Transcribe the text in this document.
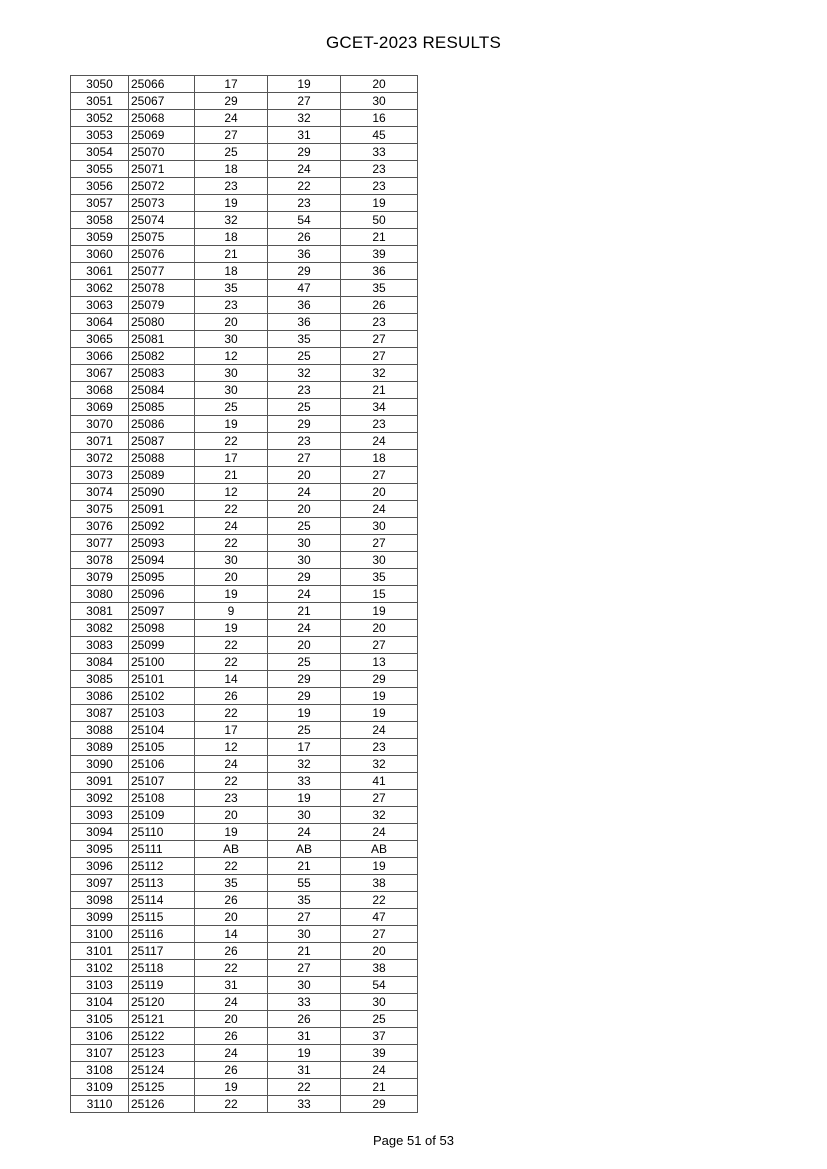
GCET-2023 RESULTS
3050	25066	17	19	20
3051	25067	29	27	30
3052	25068	24	32	16
3053	25069	27	31	45
3054	25070	25	29	33
3055	25071	18	24	23
3056	25072	23	22	23
3057	25073	19	23	19
3058	25074	32	54	50
3059	25075	18	26	21
3060	25076	21	36	39
3061	25077	18	29	36
3062	25078	35	47	35
3063	25079	23	36	26
3064	25080	20	36	23
3065	25081	30	35	27
3066	25082	12	25	27
3067	25083	30	32	32
3068	25084	30	23	21
3069	25085	25	25	34
3070	25086	19	29	23
3071	25087	22	23	24
3072	25088	17	27	18
3073	25089	21	20	27
3074	25090	12	24	20
3075	25091	22	20	24
3076	25092	24	25	30
3077	25093	22	30	27
3078	25094	30	30	30
3079	25095	20	29	35
3080	25096	19	24	15
3081	25097	9	21	19
3082	25098	19	24	20
3083	25099	22	20	27
3084	25100	22	25	13
3085	25101	14	29	29
3086	25102	26	29	19
3087	25103	22	19	19
3088	25104	17	25	24
3089	25105	12	17	23
3090	25106	24	32	32
3091	25107	22	33	41
3092	25108	23	19	27
3093	25109	20	30	32
3094	25110	19	24	24
3095	25111	AB	AB	AB
3096	25112	22	21	19
3097	25113	35	55	38
3098	25114	26	35	22
3099	25115	20	27	47
3100	25116	14	30	27
3101	25117	26	21	20
3102	25118	22	27	38
3103	25119	31	30	54
3104	25120	24	33	30
3105	25121	20	26	25
3106	25122	26	31	37
3107	25123	24	19	39
3108	25124	26	31	24
3109	25125	19	22	21
3110	25126	22	33	29
Page 51 of 53
